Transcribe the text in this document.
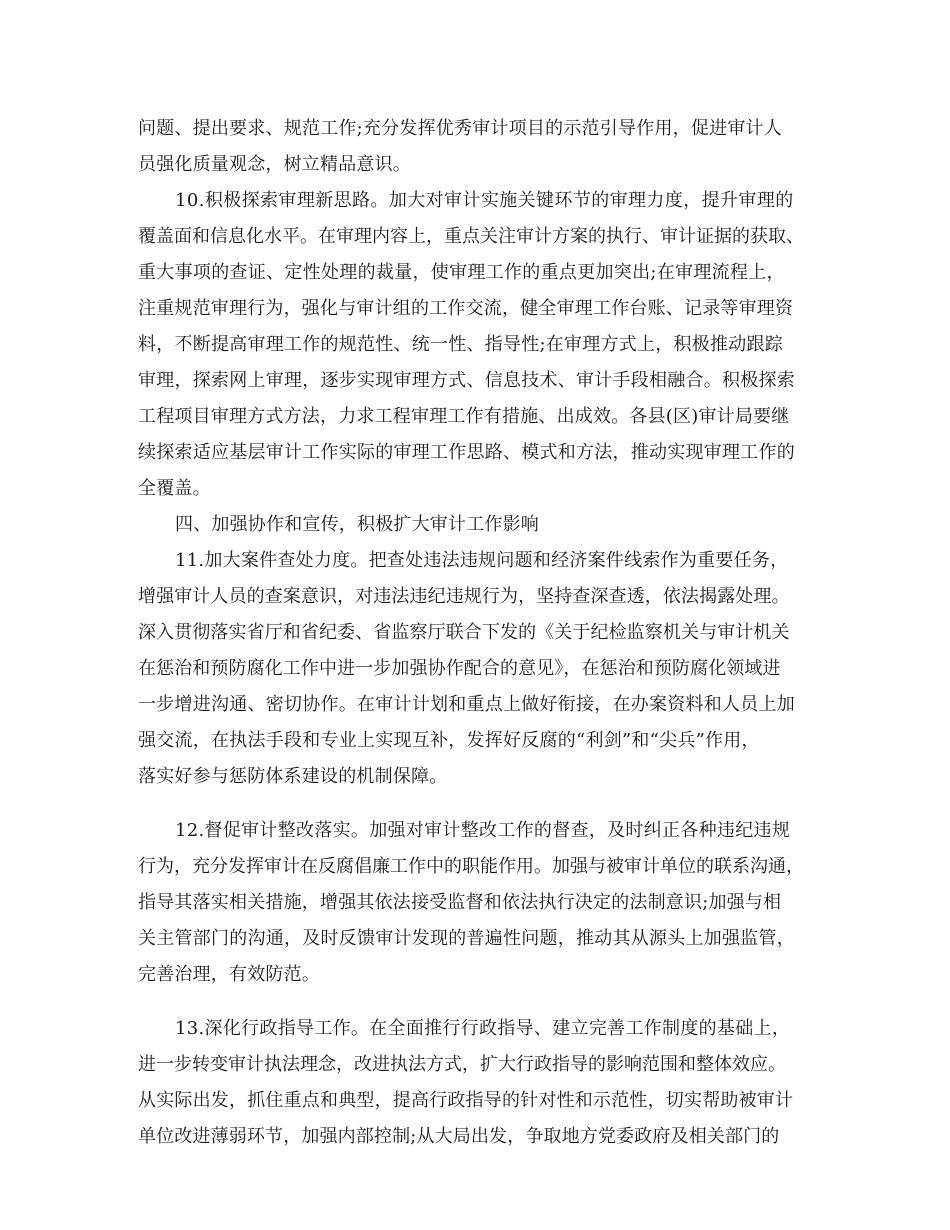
问题、提出要求、规范工作;充分发挥优秀审计项目的示范引导作用，促进审计人
员强化质量观念，树立精品意识。
10.积极探索审理新思路。加大对审计实施关键环节的审理力度，提升审理的
覆盖面和信息化水平。在审理内容上，重点关注审计方案的执行、审计证据的获取、
重大事项的查证、定性处理的裁量，使审理工作的重点更加突出;在审理流程上，
注重规范审理行为，强化与审计组的工作交流，健全审理工作台账、记录等审理资
料，不断提高审理工作的规范性、统一性、指导性;在审理方式上，积极推动跟踪
审理，探索网上审理，逐步实现审理方式、信息技术、审计手段相融合。积极探索
工程项目审理方式方法，力求工程审理工作有措施、出成效。各县(区)审计局要继
续探索适应基层审计工作实际的审理工作思路、模式和方法，推动实现审理工作的
全覆盖。
四、加强协作和宣传，积极扩大审计工作影响
11.加大案件查处力度。把查处违法违规问题和经济案件线索作为重要任务，
增强审计人员的查案意识，对违法违纪违规行为，坚持查深查透，依法揭露处理。
深入贯彻落实省厅和省纪委、省监察厅联合下发的《关于纪检监察机关与审计机关
在惩治和预防腐化工作中进一步加强协作配合的意见》，在惩治和预防腐化领域进
一步增进沟通、密切协作。在审计计划和重点上做好衔接，在办案资料和人员上加
强交流，在执法手段和专业上实现互补，发挥好反腐的“利剑”和“尖兵”作用，
落实好参与惩防体系建设的机制保障。
12.督促审计整改落实。加强对审计整改工作的督查，及时纠正各种违纪违规
行为，充分发挥审计在反腐倡廉工作中的职能作用。加强与被审计单位的联系沟通，
指导其落实相关措施，增强其依法接受监督和依法执行决定的法制意识;加强与相
关主管部门的沟通，及时反馈审计发现的普遍性问题，推动其从源头上加强监管，
完善治理，有效防范。
13.深化行政指导工作。在全面推行行政指导、建立完善工作制度的基础上，
进一步转变审计执法理念，改进执法方式，扩大行政指导的影响范围和整体效应。
从实际出发，抓住重点和典型，提高行政指导的针对性和示范性，切实帮助被审计
单位改进薄弱环节，加强内部控制;从大局出发，争取地方党委政府及相关部门的
